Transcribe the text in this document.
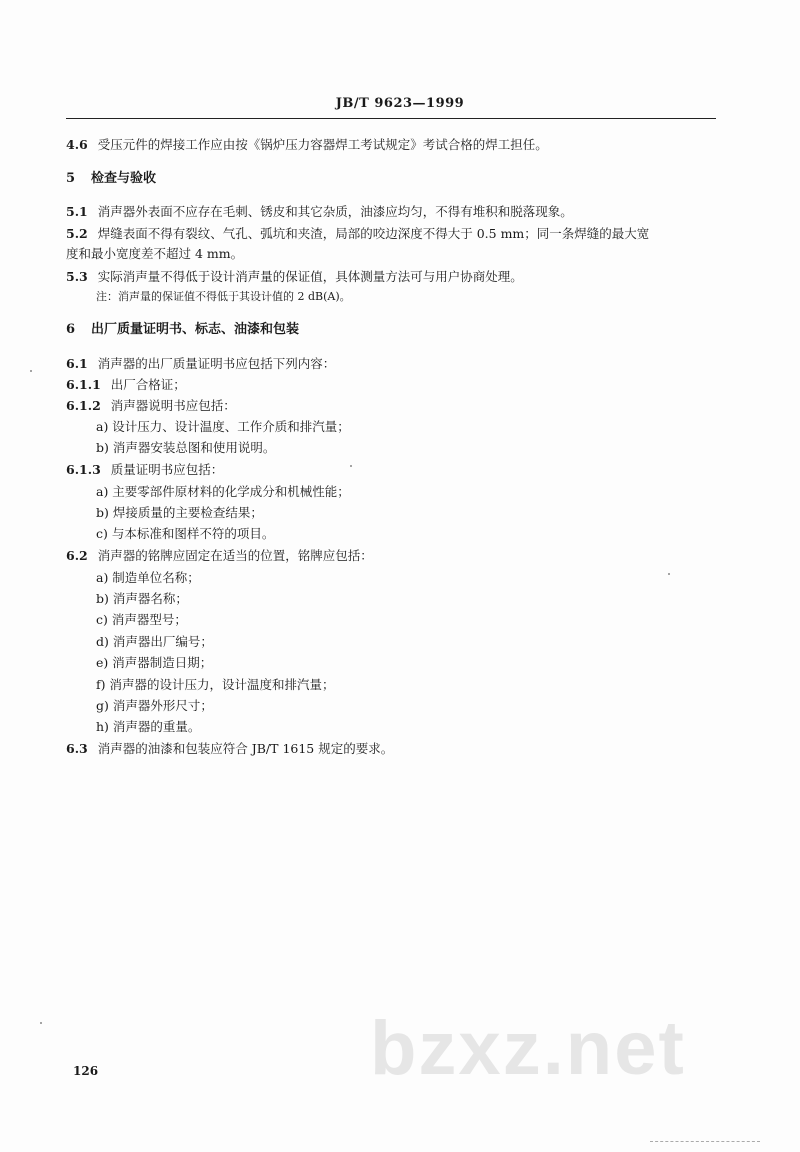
JB/T 9623—1999
4.6 受压元件的焊接工作应由按《锅炉压力容器焊工考试规定》考试合格的焊工担任。
5 检查与验收
5.1 消声器外表面不应存在毛刺、锈皮和其它杂质，油漆应均匀，不得有堆积和脱落现象。
5.2 焊缝表面不得有裂纹、气孔、弧坑和夹渣，局部的咬边深度不得大于 0.5 mm；同一条焊缝的最大宽
度和最小宽度差不超过 4 mm。
5.3 实际消声量不得低于设计消声量的保证值，具体测量方法可与用户协商处理。
注：消声量的保证值不得低于其设计值的 2 dB(A)。
6 出厂质量证明书、标志、油漆和包装
6.1 消声器的出厂质量证明书应包括下列内容：
6.1.1 出厂合格证；
6.1.2 消声器说明书应包括：
a) 设计压力、设计温度、工作介质和排汽量；
b) 消声器安装总图和使用说明。
6.1.3 质量证明书应包括：
a) 主要零部件原材料的化学成分和机械性能；
b) 焊接质量的主要检查结果；
c) 与本标准和图样不符的项目。
6.2 消声器的铭牌应固定在适当的位置，铭牌应包括：
a) 制造单位名称；
b) 消声器名称；
c) 消声器型号；
d) 消声器出厂编号；
e) 消声器制造日期；
f) 消声器的设计压力，设计温度和排汽量；
g) 消声器外形尺寸；
h) 消声器的重量。
6.3 消声器的油漆和包装应符合 JB/T 1615 规定的要求。
bzxz.net
126
